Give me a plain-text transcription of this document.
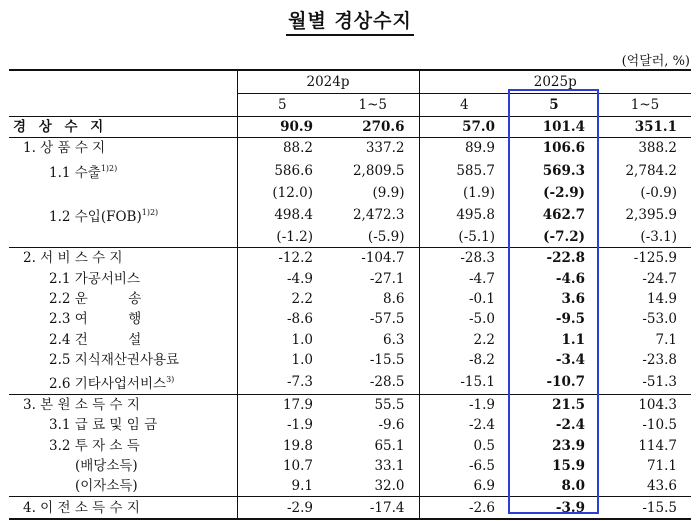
월별 경상수지
(억달러, %)
	2024p		2025p		
	5	1~5	4	5	1~5
경 상 수 지	90.9	270.6	57.0	101.4	351.1
1. 상 품 수 지	88.2	337.2	89.9	106.6	388.2
1.1 수출$^{1)2)}$	586.6	2,809.5	585.7	569.3	2,784.2
	(12.0)	(9.9)	(1.9)	(-2.9)	(-0.9)
1.2 수입(FOB)$^{1)2)}$	498.4	2,472.3	495.8	462.7	2,395.9
	(-1.2)	(-5.9)	(-5.1)	(-7.2)	(-3.1)
2. 서 비 스 수 지	-12.2	-104.7	-28.3	-22.8	-125.9
2.1 가공서비스	-4.9	-27.1	-4.7	-4.6	-24.7
2.2 운　　　송	2.2	8.6	-0.1	3.6	14.9
2.3 여　　　행	-8.6	-57.5	-5.0	-9.5	-53.0
2.4 건　　　설	1.0	6.3	2.2	1.1	7.1
2.5 지식재산권사용료	1.0	-15.5	-8.2	-3.4	-23.8
2.6 기타사업서비스$^{3)}$	-7.3	-28.5	-15.1	-10.7	-51.3
3. 본 원 소 득 수 지	17.9	55.5	-1.9	21.5	104.3
3.1 급 료 및 임 금	-1.9	-9.6	-2.4	-2.4	-10.5
3.2 투 자 소 득	19.8	65.1	0.5	23.9	114.7
(배당소득)	10.7	33.1	-6.5	15.9	71.1
(이자소득)	9.1	32.0	6.9	8.0	43.6
4. 이 전 소 득 수 지	-2.9	-17.4	-2.6	-3.9	-15.5
